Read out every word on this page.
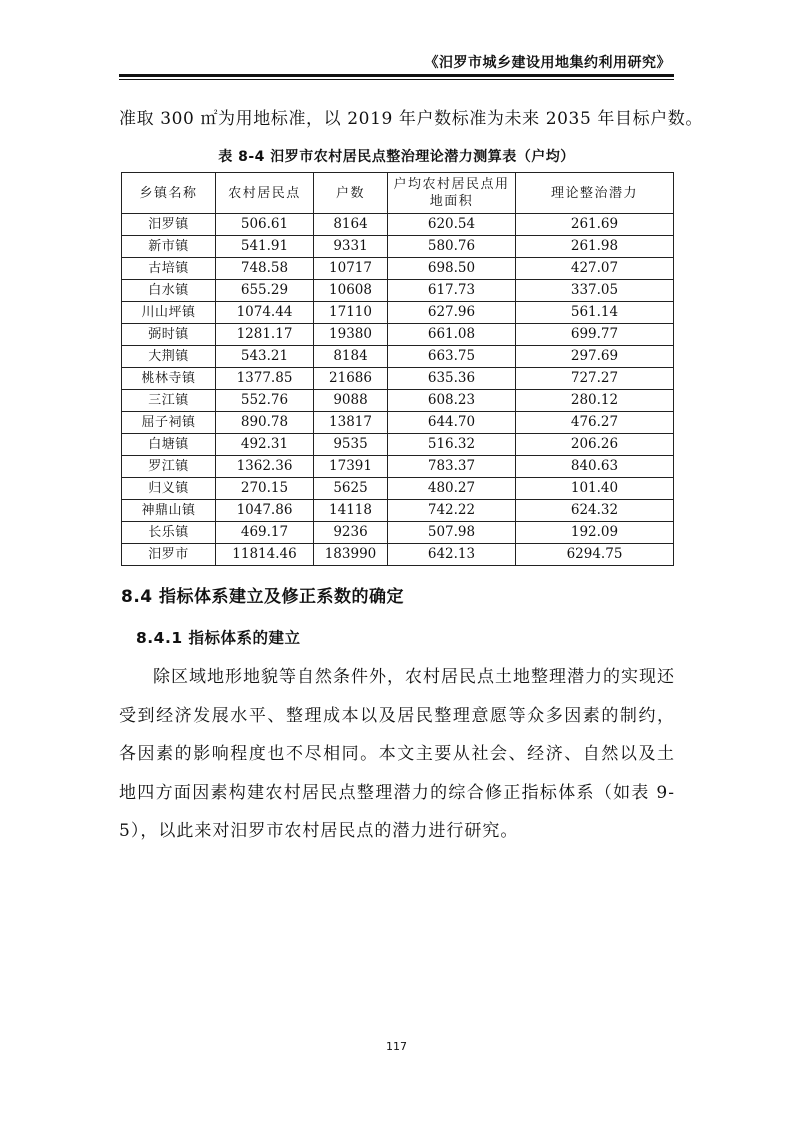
《汨罗市城乡建设用地集约利用研究》
准取 300 ㎡为用地标准，以 2019 年户数标准为未来 2035 年目标户数。
表 8-4 汨罗市农村居民点整治理论潜力测算表（户均）
乡镇名称	农村居民点	户数	户均农村居民点用地面积	理论整治潜力
汨罗镇	506.61	8164	620.54	261.69
新市镇	541.91	9331	580.76	261.98
古培镇	748.58	10717	698.50	427.07
白水镇	655.29	10608	617.73	337.05
川山坪镇	1074.44	17110	627.96	561.14
弼时镇	1281.17	19380	661.08	699.77
大荆镇	543.21	8184	663.75	297.69
桃林寺镇	1377.85	21686	635.36	727.27
三江镇	552.76	9088	608.23	280.12
屈子祠镇	890.78	13817	644.70	476.27
白塘镇	492.31	9535	516.32	206.26
罗江镇	1362.36	17391	783.37	840.63
归义镇	270.15	5625	480.27	101.40
神鼎山镇	1047.86	14118	742.22	624.32
长乐镇	469.17	9236	507.98	192.09
汨罗市	11814.46	183990	642.13	6294.75
8.4 指标体系建立及修正系数的确定
8.4.1 指标体系的建立

除区域地形地貌等自然条件外，农村居民点土地整理潜力的实现还受到经济发展水平、整理成本以及居民整理意愿等众多因素的制约，各因素的影响程度也不尽相同。本文主要从社会、经济、自然以及土地四方面因素构建农村居民点整理潜力的综合修正指标体系（如表 9-5），以此来对汨罗市农村居民点的潜力进行研究。

117
